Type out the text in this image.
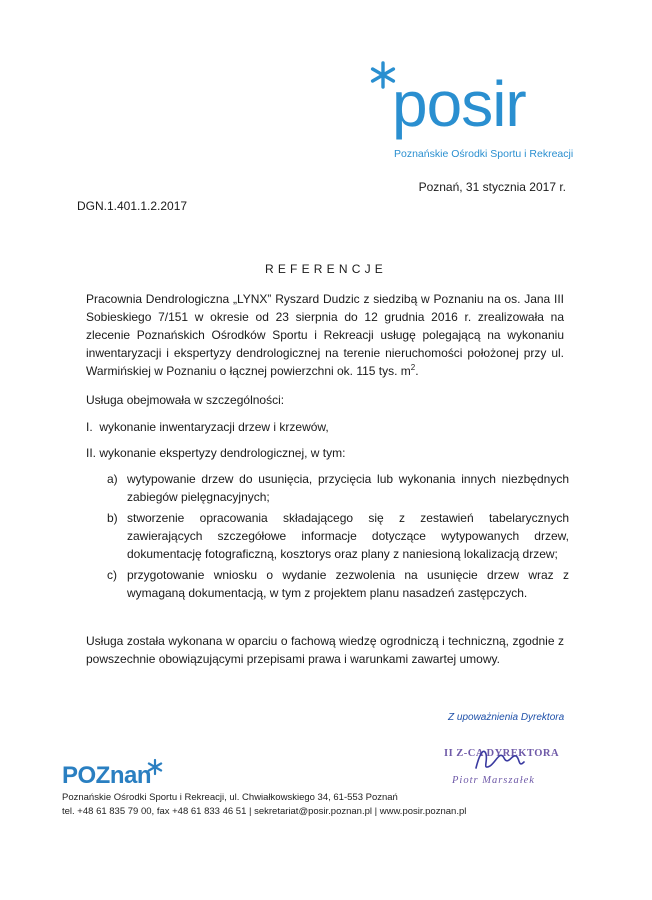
posir
Poznańskie Ośrodki Sportu i Rekreacji
Poznań, 31 stycznia 2017 r.
DGN.1.401.1.2.2017
REFERENCJE

Pracownia Dendrologiczna „LYNX” Ryszard Dudzic z siedzibą w Poznaniu na os. Jana III Sobieskiego 7/151 w okresie od 23 sierpnia do 12 grudnia 2016 r. zrealizowała na zlecenie Poznańskich Ośrodków Sportu i Rekreacji usługę polegającą na wykonaniu inwentaryzacji i ekspertyzy dendrologicznej na terenie nieruchomości położonej przy ul. Warmińskiej w Poznaniu o łącznej powierzchni ok. 115 tys. $m^2$.

Usługa obejmowała w szczególności:

I. wykonanie inwentaryzacji drzew i krzewów,

II. wykonanie ekspertyzy dendrologicznej, w tym:

a) wytypowanie drzew do usunięcia, przycięcia lub wykonania innych niezbędnych zabiegów pielęgnacyjnych;
b) stworzenie opracowania składającego się z zestawień tabelarycznych zawierających szczegółowe informacje dotyczące wytypowanych drzew, dokumentację fotograficzną, kosztorys oraz plany z naniesioną lokalizacją drzew;
c) przygotowanie wniosku o wydanie zezwolenia na usunięcie drzew wraz z wymaganą dokumentacją, w tym z projektem planu nasadzeń zastępczych.

Usługa została wykonana w oparciu o fachową wiedzę ogrodniczą i techniczną, zgodnie z powszechnie obowiązującymi przepisami prawa i warunkami zawartej umowy.

Z upoważnienia Dyrektora
II Z-CA DYREKTORA
Piotr Marszałek
POZnan
Poznańskie Ośrodki Sportu i Rekreacji, ul. Chwiałkowskiego 34, 61-553 Poznań
tel. +48 61 835 79 00, fax +48 61 833 46 51 | sekretariat@posir.poznan.pl | www.posir.poznan.pl
